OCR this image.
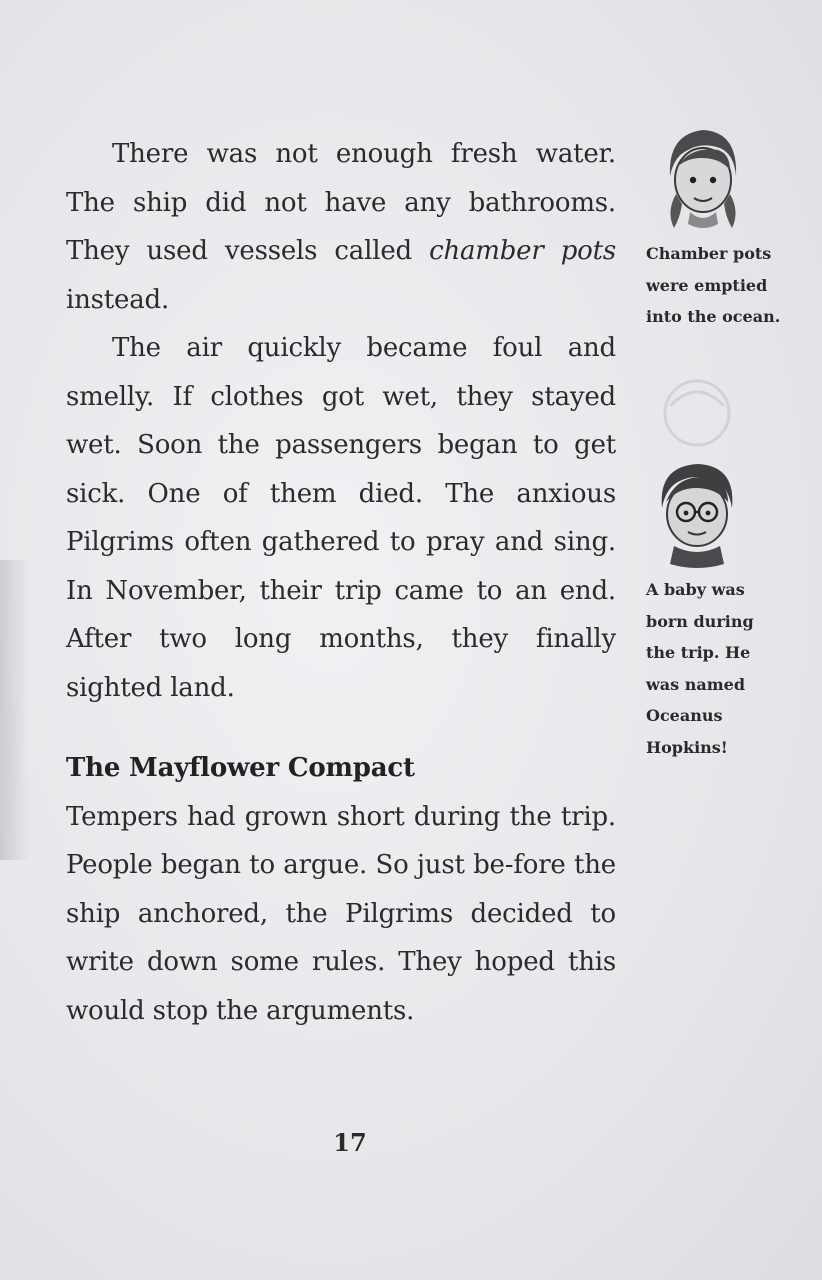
There was not enough fresh water. The ship did not have any bathrooms. They used vessels called chamber pots instead.

The air quickly became foul and smelly. If clothes got wet, they stayed wet. Soon the passengers began to get sick. One of them died. The anxious Pilgrims often gathered to pray and sing. In November, their trip came to an end. After two long months, they finally sighted land.

The Mayflower Compact

Tempers had grown short during the trip. People began to argue. So just be-fore the ship anchored, the Pilgrims decided to write down some rules. They hoped this would stop the arguments.

Chamber pots
were emptied
into the ocean.
A baby was
born during
the trip. He
was named
Oceanus
Hopkins!
17
